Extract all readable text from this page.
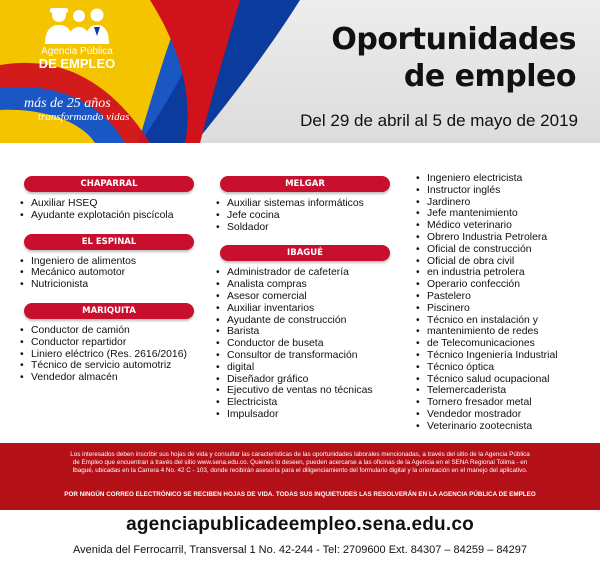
Agencia Pública
DE EMPLEO
más de 25 años
transformando vidas
Oportunidades
de empleo
Del 29 de abril al 5 de mayo de 2019
CHAPARRAL
• Auxiliar HSEQ
• Ayudante explotación piscícola
EL ESPINAL
• Ingeniero de alimentos
• Mecánico automotor
• Nutricionista
MARIQUITA
• Conductor de camión
• Conductor repartidor
• Liniero eléctrico (Res. 2616/2016)
• Técnico de servicio automotriz
• Vendedor almacén
MELGAR
• Auxiliar sistemas informáticos
• Jefe cocina
• Soldador
IBAGUÉ
• Administrador de cafetería
• Analista compras
• Asesor comercial
• Auxiliar inventarios
• Ayudante de construcción
• Barista
• Conductor de buseta
• Consultor de transformación
• digital
• Diseñador gráfico
• Ejecutivo de ventas no técnicas
• Electricista
• Impulsador
• Ingeniero electricista
• Instructor inglés
• Jardinero
• Jefe mantenimiento
• Médico veterinario
• Obrero Industria Petrolera
• Oficial de construcción
• Oficial de obra civil
• en industria petrolera
• Operario confección
• Pastelero
• Piscinero
• Técnico en instalación y
• mantenimiento de redes
• de Telecomunicaciones
• Técnico Ingeniería Industrial
• Técnico óptica
• Técnico salud ocupacional
• Telemercaderista
• Tornero fresador metal
• Vendedor mostrador
• Veterinario zootecnista
Los interesados deben inscribir sus hojas de vida y consultar las características de las oportunidades laborales mencionadas, a través del sitio de la Agencia Pública
de Empleo que encuentran a través del sitio www.sena.edu.co. Quienes lo deseen, pueden acercarse a las oficinas de la Agencia en el SENA Regional Tolima - en
Ibagué, ubicadas en la Carrera 4 No. 42 C - 103, donde recibirán asesoría para el diligenciamiento del formulario digital y la orientación en el manejo del aplicativo.
POR NINGÚN CORREO ELECTRÓNICO SE RECIBEN HOJAS DE VIDA. TODAS SUS INQUIETUDES LAS RESOLVERÁN EN LA AGENCIA PÚBLICA DE EMPLEO
agenciapublicadeempleo.sena.edu.co
Avenida del Ferrocarril, Transversal 1 No. 42-244 - Tel: 2709600 Ext. 84307 – 84259 – 84297
